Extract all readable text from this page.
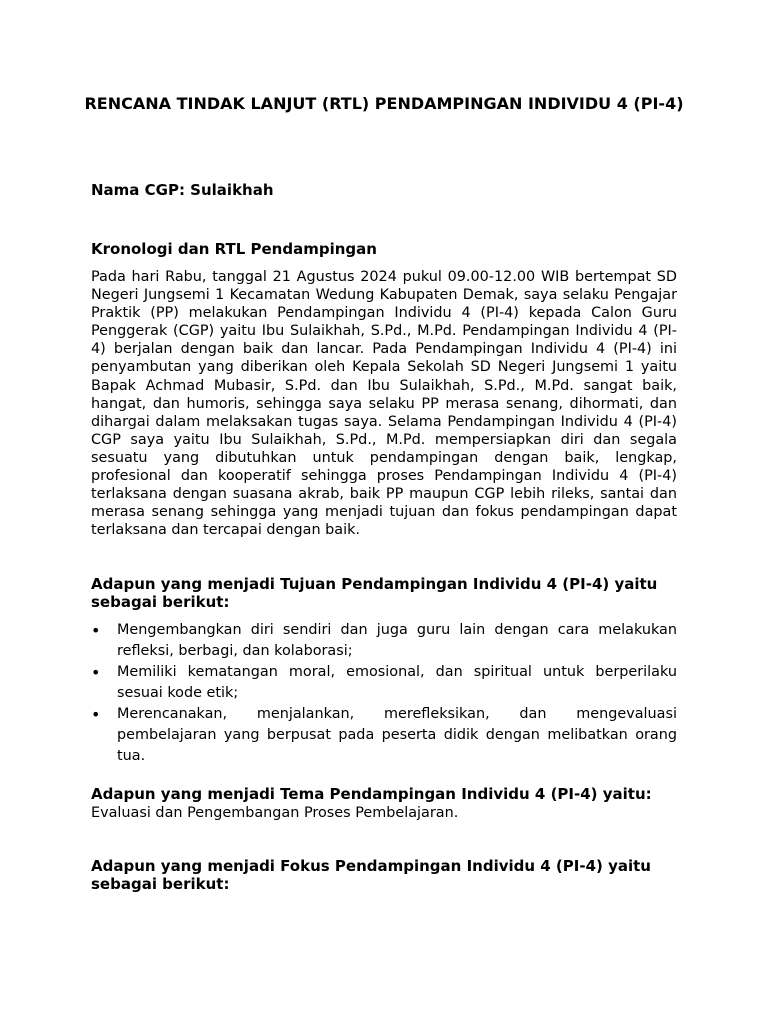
RENCANA TINDAK LANJUT (RTL) PENDAMPINGAN INDIVIDU 4 (PI-4)

Nama CGP: Sulaikhah

Kronologi dan RTL Pendampingan

Pada hari Rabu, tanggal 21 Agustus 2024 pukul 09.00-12.00 WIB bertempat SD Negeri Jungsemi 1 Kecamatan Wedung Kabupaten Demak, saya selaku Pengajar Praktik (PP) melakukan Pendampingan Individu 4 (PI-4) kepada Calon Guru Penggerak (CGP) yaitu Ibu Sulaikhah, S.Pd., M.Pd. Pendampingan Individu 4 (PI-4) berjalan dengan baik dan lancar. Pada Pendampingan Individu 4 (PI-4) ini penyambutan yang diberikan oleh Kepala Sekolah SD Negeri Jungsemi 1 yaitu Bapak Achmad Mubasir, S.Pd. dan Ibu Sulaikhah, S.Pd., M.Pd. sangat baik, hangat, dan humoris, sehingga saya selaku PP merasa senang, dihormati, dan dihargai dalam melaksakan tugas saya. Selama Pendampingan Individu 4 (PI-4) CGP saya yaitu Ibu Sulaikhah, S.Pd., M.Pd. mempersiapkan diri dan segala sesuatu yang dibutuhkan untuk pendampingan dengan baik, lengkap, profesional dan kooperatif sehingga proses Pendampingan Individu 4 (PI-4) terlaksana dengan suasana akrab, baik PP maupun CGP lebih rileks, santai dan merasa senang sehingga yang menjadi tujuan dan fokus pendampingan dapat terlaksana dan tercapai dengan baik.

Adapun yang menjadi Tujuan Pendampingan Individu 4 (PI-4) yaitu sebagai berikut:

• Mengembangkan diri sendiri dan juga guru lain dengan cara melakukan refleksi, berbagi, dan kolaborasi;
• Memiliki kematangan moral, emosional, dan spiritual untuk berperilaku sesuai kode etik;
• Merencanakan, menjalankan, merefleksikan, dan mengevaluasi pembelajaran yang berpusat pada peserta didik dengan melibatkan orang tua.

Adapun yang menjadi Tema Pendampingan Individu 4 (PI-4) yaitu:

Evaluasi dan Pengembangan Proses Pembelajaran.

Adapun yang menjadi Fokus Pendampingan Individu 4 (PI-4) yaitu sebagai berikut:
